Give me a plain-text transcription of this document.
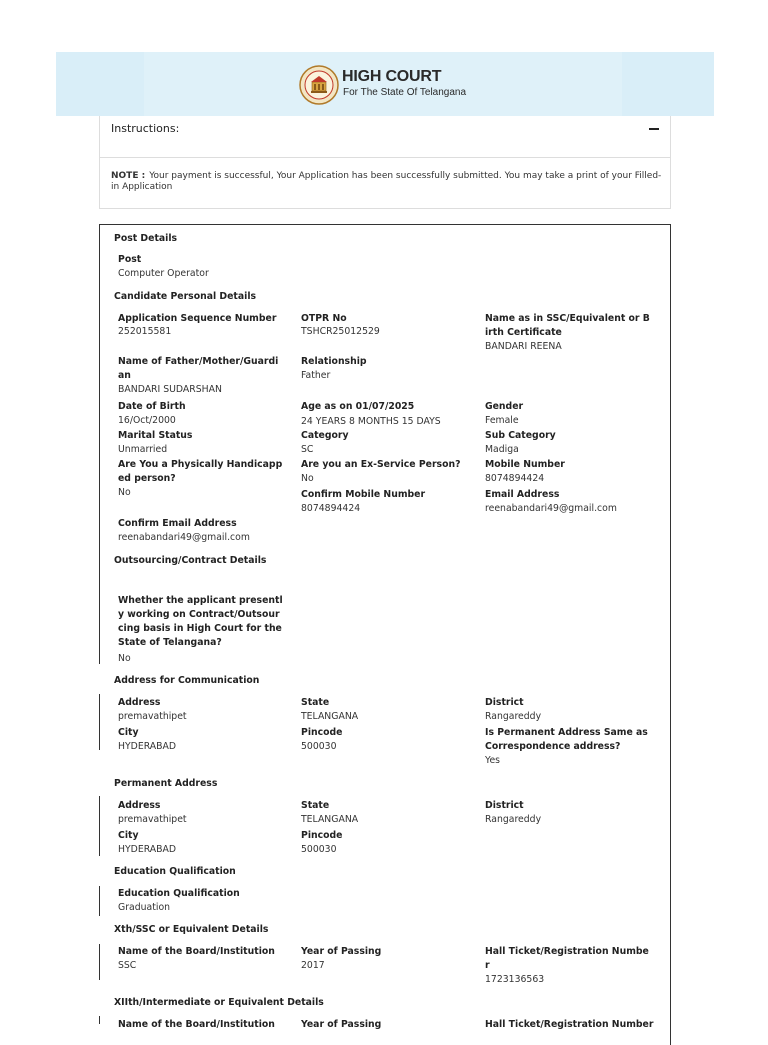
HIGH COURT
For The State Of Telangana
Instructions:
NOTE : Your payment is successful, Your Application has been successfully submitted. You may take a print of your Filled-in Application
Post Details
Post
Computer Operator
Candidate Personal Details
Application Sequence Number
252015581
OTPR No
TSHCR25012529
Name as in SSC/Equivalent or Birth Certificate
BANDARI REENA
Name of Father/Mother/Guardian
BANDARI SUDARSHAN
Relationship
Father
Date of Birth
16/Oct/2000
Age as on 01/07/2025
24 YEARS 8 MONTHS 15 DAYS
Gender
Female
Marital Status
Unmarried
Category
SC
Sub Category
Madiga
Are You a Physically Handicapped person?
No
Are you an Ex-Service Person?
No
Mobile Number
8074894424
Confirm Mobile Number
8074894424
Email Address
reenabandari49@gmail.com
Confirm Email Address
reenabandari49@gmail.com
Outsourcing/Contract Details
Whether the applicant presently working on Contract/Outsourcing basis in High Court for the State of Telangana?
No
Address for Communication
Address
premavathipet
State
TELANGANA
District
Rangareddy
City
HYDERABAD
Pincode
500030
Is Permanent Address Same as Correspondence address?
Yes
Permanent Address
Address
premavathipet
State
TELANGANA
District
Rangareddy
City
HYDERABAD
Pincode
500030
Education Qualification
Education Qualification
Graduation
Xth/SSC or Equivalent Details
Name of the Board/Institution
SSC
Year of Passing
2017
Hall Ticket/Registration Number
1723136563
XIIth/Intermediate or Equivalent Details
Name of the Board/Institution	Year of Passing	Hall Ticket/Registration Number
